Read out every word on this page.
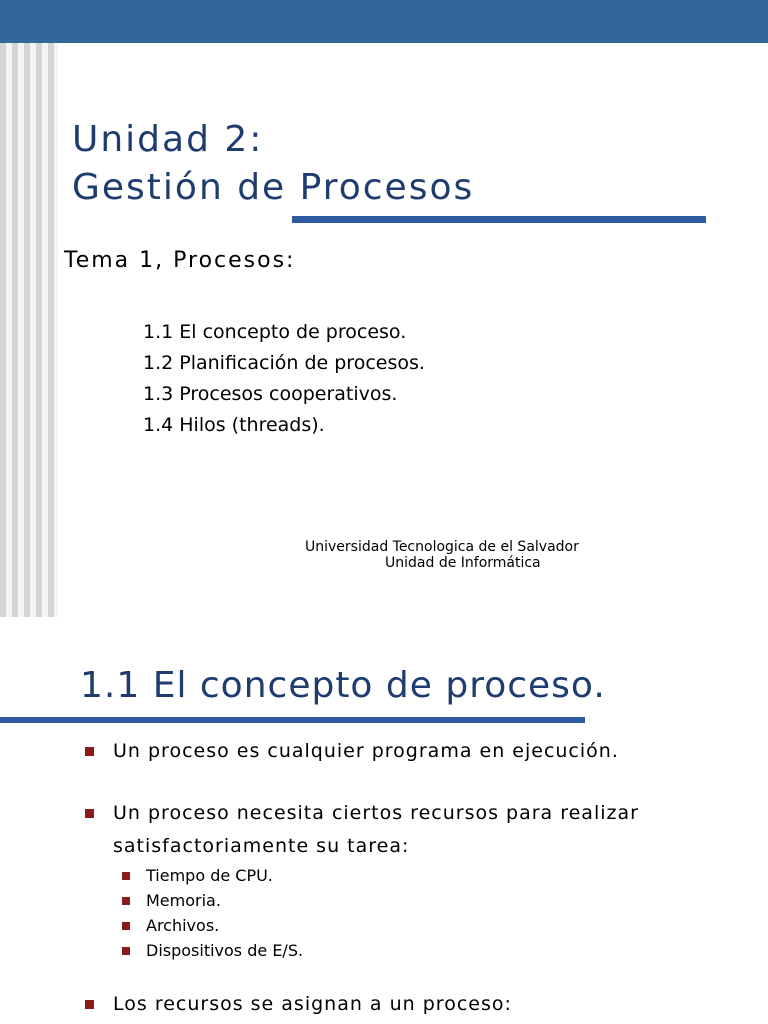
Unidad 2:
Gestión de Procesos
Tema 1, Procesos:
1.1 El concepto de proceso.
1.2 Planificación de procesos.
1.3 Procesos cooperativos.
1.4 Hilos (threads).
Universidad Tecnologica de el Salvador
Unidad de Informática
1.1 El concepto de proceso.
Un proceso es cualquier programa en ejecución.
Un proceso necesita ciertos recursos para realizar
satisfactoriamente su tarea:
Tiempo de CPU.
Memoria.
Archivos.
Dispositivos de E/S.
Los recursos se asignan a un proceso:
